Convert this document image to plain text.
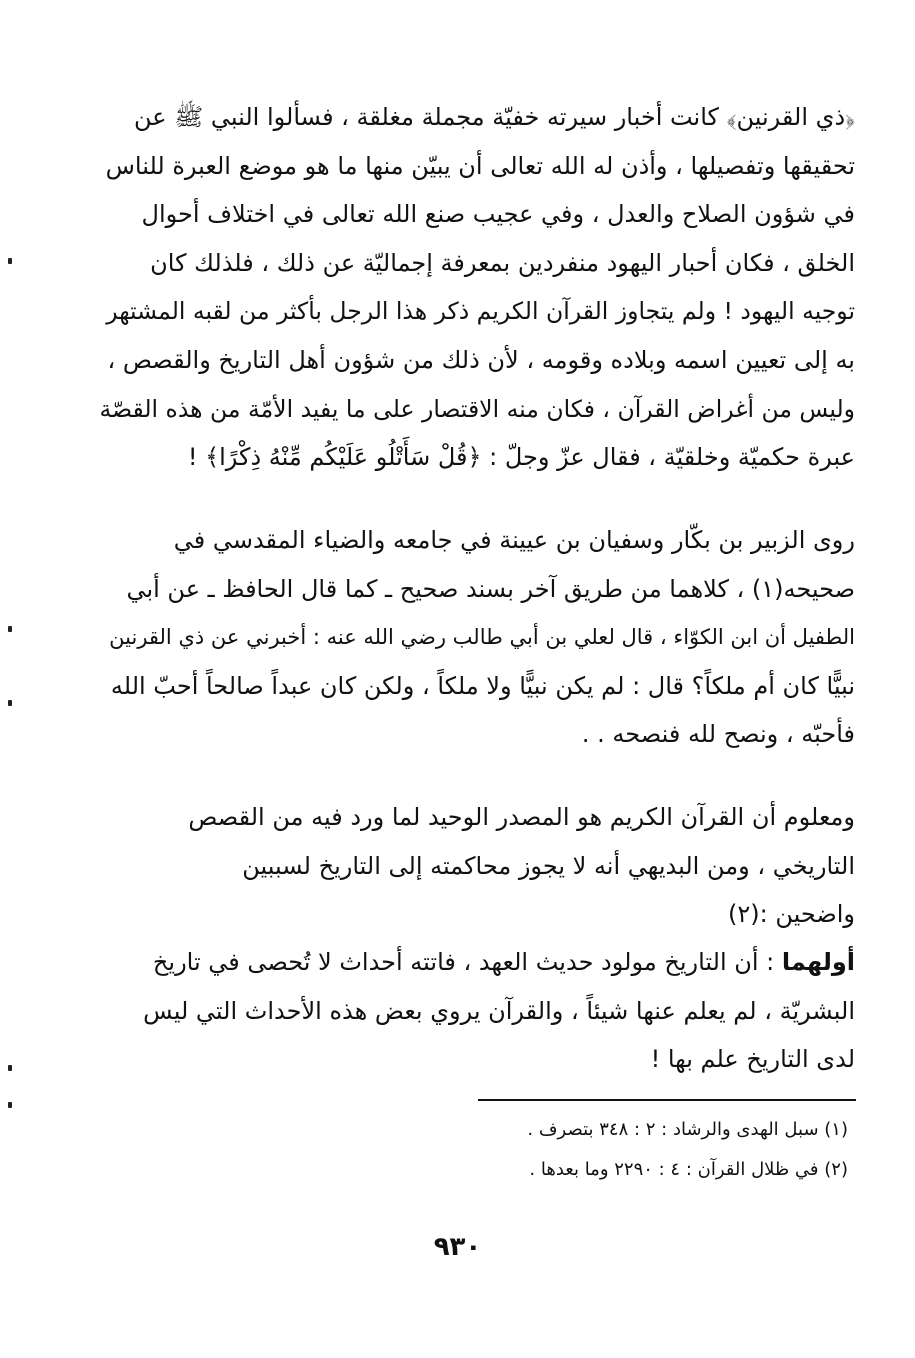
﴿ذي القرنين﴾ كانت أخبار سيرته خفيّة مجملة مغلقة ، فسألوا النبي ﷺ عن
تحقيقها وتفصيلها ، وأذن له الله تعالى أن يبيّن منها ما هو موضع العبرة للناس
في شؤون الصلاح والعدل ، وفي عجيب صنع الله تعالى في اختلاف أحوال
الخلق ، فكان أحبار اليهود منفردين بمعرفة إجماليّة عن ذلك ، فلذلك كان
توجيه اليهود ! ولم يتجاوز القرآن الكريم ذكر هذا الرجل بأكثر من لقبه المشتهر
به إلى تعيين اسمه وبلاده وقومه ، لأن ذلك من شؤون أهل التاريخ والقصص ،
وليس من أغراض القرآن ، فكان منه الاقتصار على ما يفيد الأمّة من هذه القصّة
عبرة حكميّة وخلقيّة ، فقال عزّ وجلّ : ﴿قُلْ سَأَتْلُو عَلَيْكُم مِّنْهُ ذِكْرًا﴾ !
روى الزبير بن بكّار وسفيان بن عيينة في جامعه والضياء المقدسي في
صحيحه(١) ، كلاهما من طريق آخر بسند صحيح ـ كما قال الحافظ ـ عن أبي
الطفيل أن ابن الكوّاء ، قال لعلي بن أبي طالب رضي الله عنه : أخبرني عن ذي القرنين
نبيًّا كان أم ملكاً؟ قال : لم يكن نبيًّا ولا ملكاً ، ولكن كان عبداً صالحاً أحبّ الله
فأحبّه ، ونصح لله فنصحه . .
ومعلوم أن القرآن الكريم هو المصدر الوحيد لما ورد فيه من القصص
التاريخي ، ومن البديهي أنه لا يجوز محاكمته إلى التاريخ لسببين
واضحين :(٢)
أولهما : أن التاريخ مولود حديث العهد ، فاتته أحداث لا تُحصى في تاريخ
البشريّة ، لم يعلم عنها شيئاً ، والقرآن يروي بعض هذه الأحداث التي ليس
لدى التاريخ علم بها !
(١) سبل الهدى والرشاد : ٢ : ٣٤٨ بتصرف .
(٢) في ظلال القرآن : ٤ : ٢٢٩٠ وما بعدها .
٩٣٠
